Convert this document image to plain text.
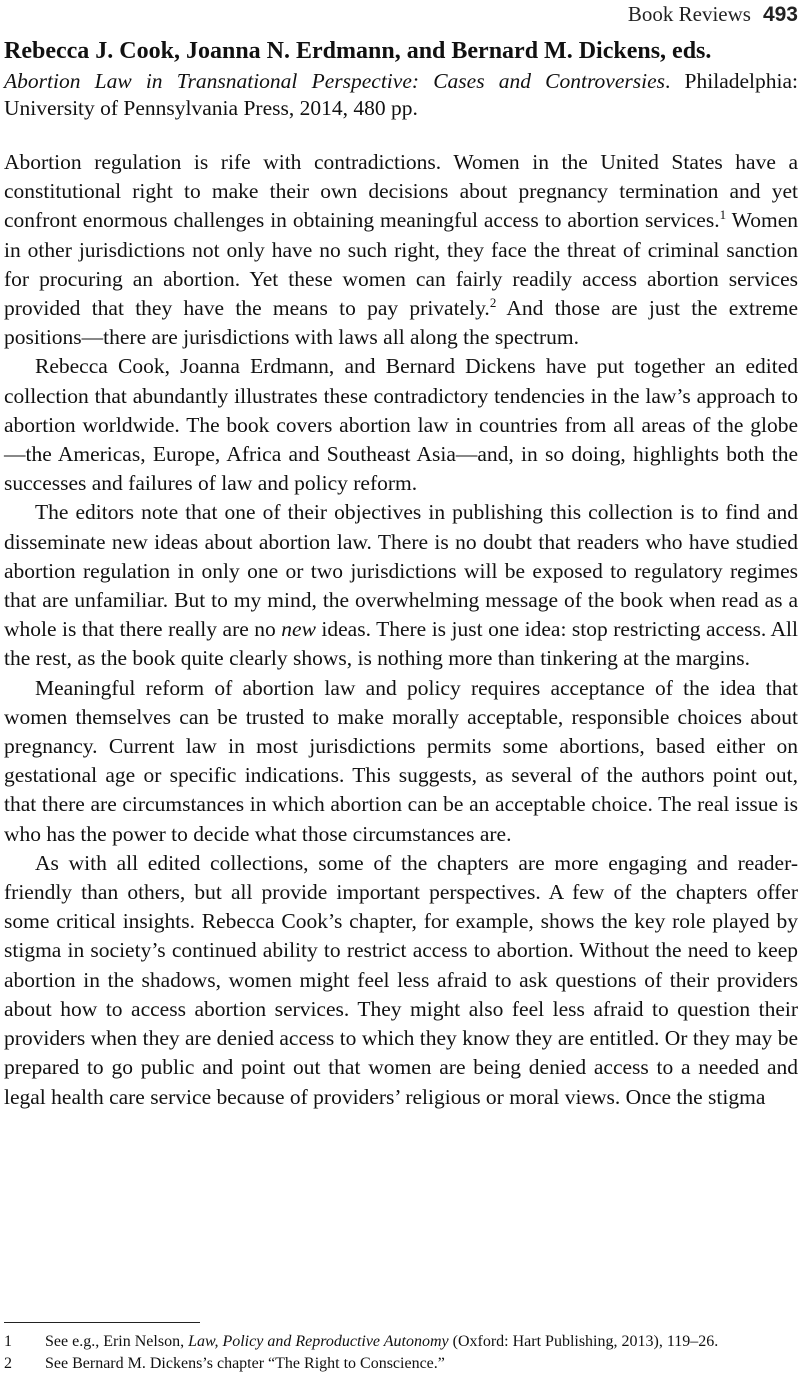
Book Reviews 493
Rebecca J. Cook, Joanna N. Erdmann, and Bernard M. Dickens, eds.
Abortion Law in Transnational Perspective: Cases and Controversies. Philadelphia: University of Pennsylvania Press, 2014, 480 pp.

Abortion regulation is rife with contradictions. Women in the United States have a constitutional right to make their own decisions about pregnancy termination and yet confront enormous challenges in obtaining meaningful access to abortion services.$^1$ Women in other jurisdictions not only have no such right, they face the threat of criminal sanction for procuring an abortion. Yet these women can fairly readily access abortion services provided that they have the means to pay privately.$^2$ And those are just the extreme positions—there are jurisdictions with laws all along the spectrum.

Rebecca Cook, Joanna Erdmann, and Bernard Dickens have put together an edited collection that abundantly illustrates these contradictory tendencies in the law’s approach to abortion worldwide. The book covers abortion law in countries from all areas of the globe—the Americas, Europe, Africa and Southeast Asia—and, in so doing, highlights both the successes and failures of law and policy reform.

The editors note that one of their objectives in publishing this collection is to find and disseminate new ideas about abortion law. There is no doubt that readers who have studied abortion regulation in only one or two jurisdictions will be exposed to regulatory regimes that are unfamiliar. But to my mind, the overwhelming message of the book when read as a whole is that there really are no new ideas. There is just one idea: stop restricting access. All the rest, as the book quite clearly shows, is nothing more than tinkering at the margins.

Meaningful reform of abortion law and policy requires acceptance of the idea that women themselves can be trusted to make morally acceptable, responsible choices about pregnancy. Current law in most jurisdictions permits some abortions, based either on gestational age or specific indications. This suggests, as several of the authors point out, that there are circumstances in which abortion can be an acceptable choice. The real issue is who has the power to decide what those circumstances are.

As with all edited collections, some of the chapters are more engaging and reader-friendly than others, but all provide important perspectives. A few of the chapters offer some critical insights. Rebecca Cook’s chapter, for example, shows the key role played by stigma in society’s continued ability to restrict access to abortion. Without the need to keep abortion in the shadows, women might feel less afraid to ask questions of their providers about how to access abortion services. They might also feel less afraid to question their providers when they are denied access to which they know they are entitled. Or they may be prepared to go public and point out that women are being denied access to a needed and legal health care service because of providers’ religious or moral views. Once the stigma

1 See e.g., Erin Nelson, Law, Policy and Reproductive Autonomy (Oxford: Hart Publishing, 2013), 119–26.
2 See Bernard M. Dickens’s chapter “The Right to Conscience.”
